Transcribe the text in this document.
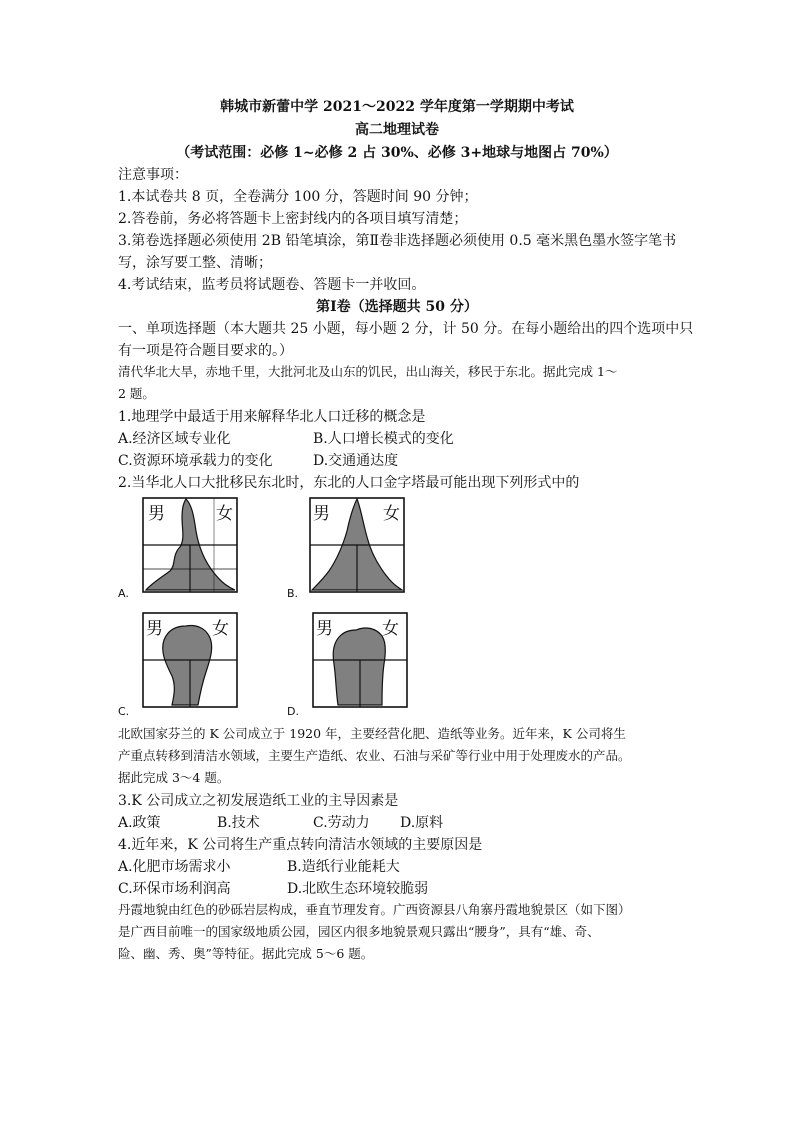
韩城市新蕾中学 2021～2022 学年度第一学期期中考试
高二地理试卷
（考试范围：必修 1~必修 2 占 30%、必修 3+地球与地图占 70%）
注意事项：
1.本试卷共 8 页，全卷满分 100 分，答题时间 90 分钟；
2.答卷前，务必将答题卡上密封线内的各项目填写清楚；
3.第卷选择题必须使用 2B 铅笔填涂，第Ⅱ卷非选择题必须使用 0.5 毫米黑色墨水签字笔书
写，涂写要工整、清晰；
4.考试结束，监考员将试题卷、答题卡一并收回。
第Ⅰ卷（选择题共 50 分）
一、单项选择题（本大题共 25 小题，每小题 2 分，计 50 分。在每小题给出的四个选项中只
有一项是符合题目要求的。）
清代华北大旱，赤地千里，大批河北及山东的饥民，出山海关，移民于东北。据此完成 1～
2 题。
1.地理学中最适于用来解释华北人口迁移的概念是
A.经济区域专业化	B.人口增长模式的变化
C.资源环境承载力的变化	D.交通通达度
2.当华北人口大批移民东北时，东北的人口金字塔最可能出现下列形式中的
男	女
A.
男	女
B.
男	女
C.
男	女
D.
北欧国家芬兰的 K 公司成立于 1920 年，主要经营化肥、造纸等业务。近年来，K 公司将生
产重点转移到清洁水领域，主要生产造纸、农业、石油与采矿等行业中用于处理废水的产品。
据此完成 3～4 题。
3.K 公司成立之初发展造纸工业的主导因素是
A.政策	B.技术	C.劳动力 D.原料
4.近年来，K 公司将生产重点转向清洁水领域的主要原因是
A.化肥市场需求小	B.造纸行业能耗大
C.环保市场利润高	D.北欧生态环境较脆弱
丹霞地貌由红色的砂砾岩层构成，垂直节理发育。广西资源县八角寨丹霞地貌景区（如下图）
是广西目前唯一的国家级地质公园，园区内很多地貌景观只露出“腰身”，具有“雄、奇、
险、幽、秀、奥”等特征。据此完成 5～6 题。
